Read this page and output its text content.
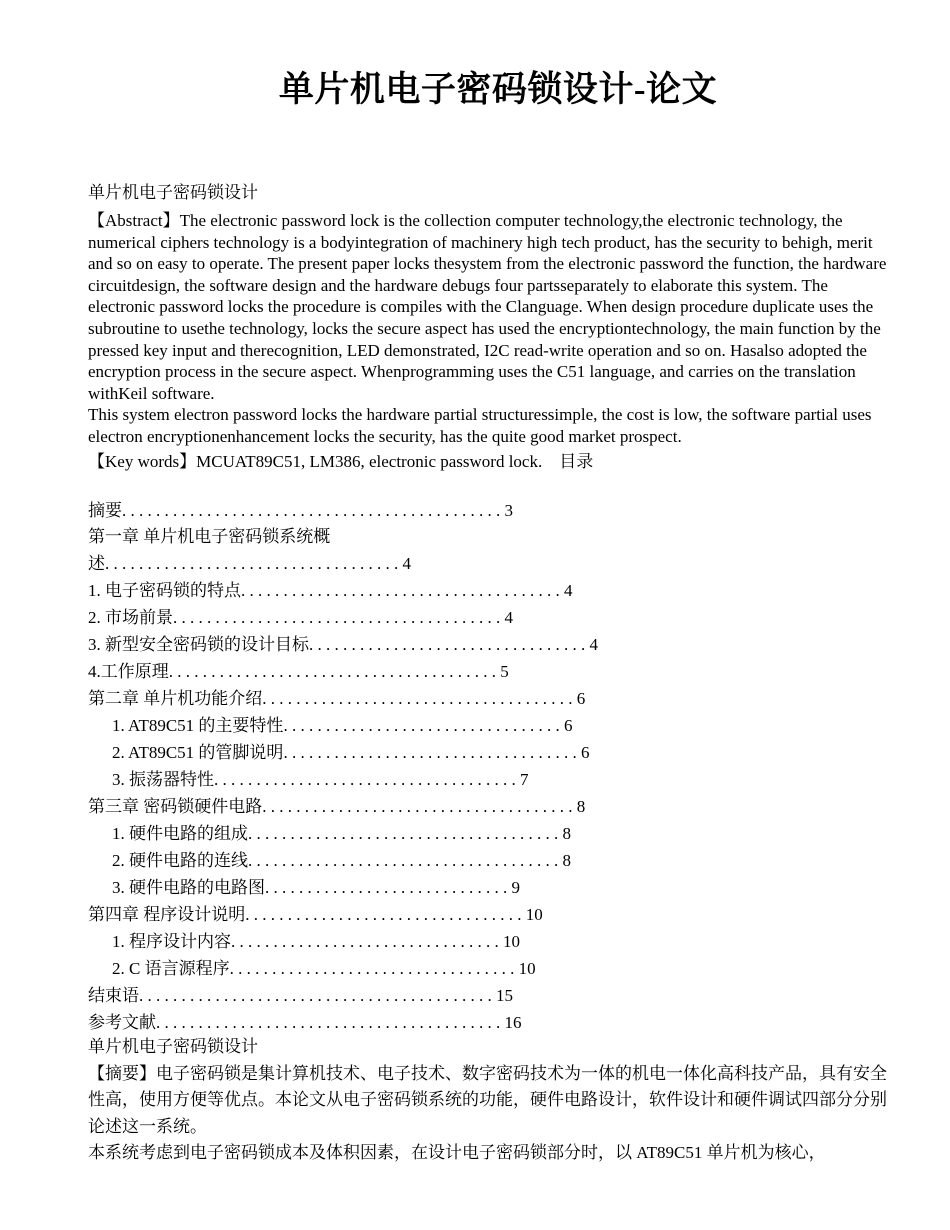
单片机电子密码锁设计-论文
单片机电子密码锁设计

【Abstract】The electronic password lock is the collection computer technology,the electronic technology, the numerical ciphers technology is a bodyintegration of machinery high tech product, has the security to behigh, merit and so on easy to operate. The present paper locks thesystem from the electronic password the function, the hardware circuitdesign, the software design and the hardware debugs four partsseparately to elaborate this system. The electronic password locks the procedure is compiles with the Clanguage. When design procedure duplicate uses the subroutine to usethe technology, locks the secure aspect has used the encryptiontechnology, the main function by the pressed key input and therecognition, LED demonstrated, I2C read-write operation and so on. Hasalso adopted the encryption process in the secure aspect. Whenprogramming uses the C51 language, and carries on the translation withKeil software.

This system electron password locks the hardware partial structuressimple, the cost is low, the software partial uses electron encryptionenhancement locks the security, has the quite good market prospect.

【Key words】MCUAT89C51, LM386, electronic password lock.　目录
摘要. . . . . . . . . . . . . . . . . . . . . . . . . . . . . . . . . . . . . . . . . . . . . 3
第一章 单片机电子密码锁系统概
述. . . . . . . . . . . . . . . . . . . . . . . . . . . . . . . . . . . 4
1. 电子密码锁的特点. . . . . . . . . . . . . . . . . . . . . . . . . . . . . . . . . . . . . . 4
2. 市场前景. . . . . . . . . . . . . . . . . . . . . . . . . . . . . . . . . . . . . . . 4
3. 新型安全密码锁的设计目标. . . . . . . . . . . . . . . . . . . . . . . . . . . . . . . . . 4
4.工作原理. . . . . . . . . . . . . . . . . . . . . . . . . . . . . . . . . . . . . . . 5
第二章 单片机功能介绍. . . . . . . . . . . . . . . . . . . . . . . . . . . . . . . . . . . . . 6
1. AT89C51 的主要特性. . . . . . . . . . . . . . . . . . . . . . . . . . . . . . . . . 6
2. AT89C51 的管脚说明. . . . . . . . . . . . . . . . . . . . . . . . . . . . . . . . . . . 6
3. 振荡器特性. . . . . . . . . . . . . . . . . . . . . . . . . . . . . . . . . . . . 7
第三章 密码锁硬件电路. . . . . . . . . . . . . . . . . . . . . . . . . . . . . . . . . . . . . 8
1. 硬件电路的组成. . . . . . . . . . . . . . . . . . . . . . . . . . . . . . . . . . . . . 8
2. 硬件电路的连线. . . . . . . . . . . . . . . . . . . . . . . . . . . . . . . . . . . . . 8
3. 硬件电路的电路图. . . . . . . . . . . . . . . . . . . . . . . . . . . . . 9
第四章 程序设计说明. . . . . . . . . . . . . . . . . . . . . . . . . . . . . . . . . 10
1. 程序设计内容. . . . . . . . . . . . . . . . . . . . . . . . . . . . . . . . 10
2. C 语言源程序. . . . . . . . . . . . . . . . . . . . . . . . . . . . . . . . . . 10
结束语. . . . . . . . . . . . . . . . . . . . . . . . . . . . . . . . . . . . . . . . . . 15
参考文献. . . . . . . . . . . . . . . . . . . . . . . . . . . . . . . . . . . . . . . . . 16

单片机电子密码锁设计

【摘要】电子密码锁是集计算机技术、电子技术、数字密码技术为一体的机电一体化高科技产品，具有安全性高，使用方便等优点。本论文从电子密码锁系统的功能，硬件电路设计，软件设计和硬件调试四部分分别论述这一系统。

本系统考虑到电子密码锁成本及体积因素，在设计电子密码锁部分时，以 AT89C51 单片机为核心，
